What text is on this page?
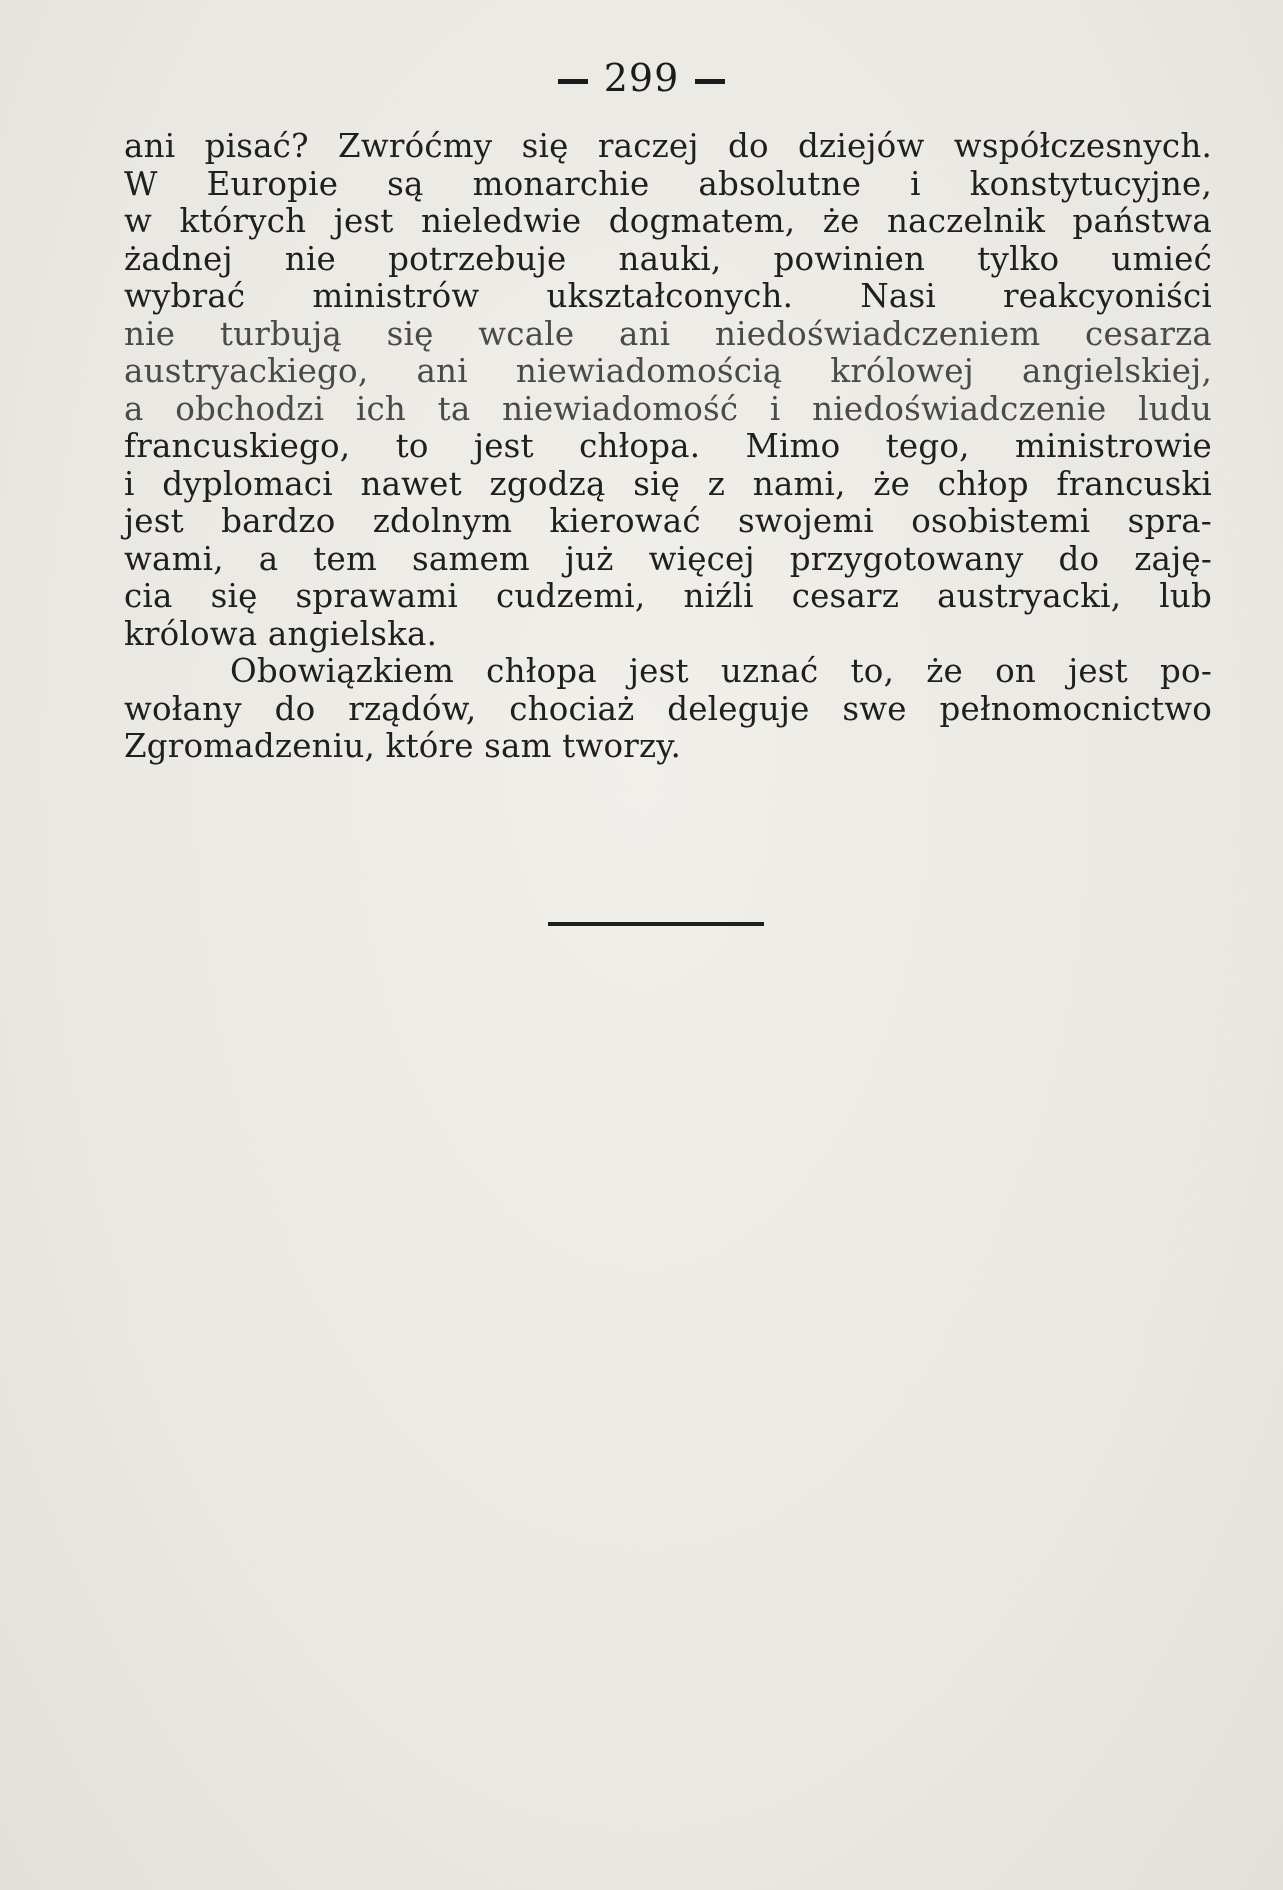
299
ani pisać? Zwróćmy się raczej do dziejów współczesnych.
W Europie są monarchie absolutne i konstytucyjne,
w których jest nieledwie dogmatem, że naczelnik państwa
żadnej nie potrzebuje nauki, powinien tylko umieć
wybrać ministrów ukształconych. Nasi reakcyoniści
nie turbują się wcale ani niedoświadczeniem cesarza
austryackiego, ani niewiadomością królowej angielskiej,
a obchodzi ich ta niewiadomość i niedoświadczenie ludu
francuskiego, to jest chłopa. Mimo tego, ministrowie
i dyplomaci nawet zgodzą się z nami, że chłop francuski
jest bardzo zdolnym kierować swojemi osobistemi spra-
wami, a tem samem już więcej przygotowany do zaję-
cia się sprawami cudzemi, niźli cesarz austryacki, lub
królowa angielska.
Obowiązkiem chłopa jest uznać to, że on jest po-
wołany do rządów, chociaż deleguje swe pełnomocnictwo
Zgromadzeniu, które sam tworzy.
